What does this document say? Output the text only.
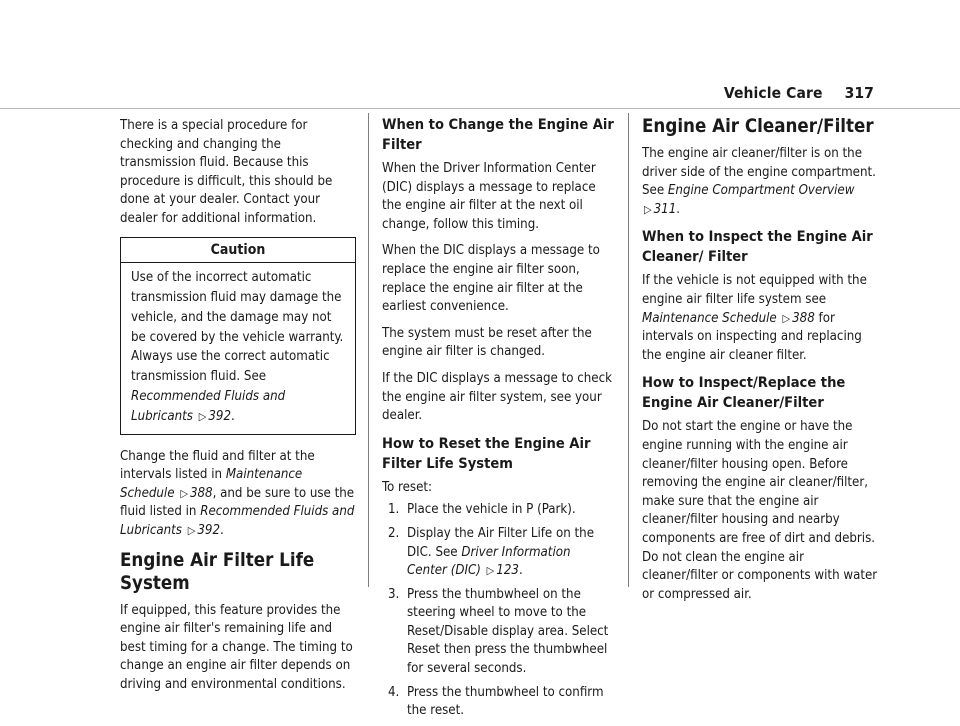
Vehicle Care 317

There is a special procedure for checking and changing the transmission fluid. Because this procedure is difficult, this should be done at your dealer. Contact your dealer for additional information.

Caution
Use of the incorrect automatic transmission fluid may damage the vehicle, and the damage may not be covered by the vehicle warranty. Always use the correct automatic transmission fluid. See Recommended Fluids and Lubricants ▷ 392.

Change the fluid and filter at the intervals listed in Maintenance Schedule ▷ 388, and be sure to use the fluid listed in Recommended Fluids and Lubricants ▷ 392.

Engine Air Filter Life System

If equipped, this feature provides the engine air filter's remaining life and best timing for a change. The timing to change an engine air filter depends on driving and environmental conditions.

When to Change the Engine Air Filter

When the Driver Information Center (DIC) displays a message to replace the engine air filter at the next oil change, follow this timing.

When the DIC displays a message to replace the engine air filter soon, replace the engine air filter at the earliest convenience.

The system must be reset after the engine air filter is changed.

If the DIC displays a message to check the engine air filter system, see your dealer.

How to Reset the Engine Air Filter Life System

To reset:

1. Place the vehicle in P (Park).
2. Display the Air Filter Life on the DIC. See Driver Information Center (DIC) ▷ 123.
3. Press the thumbwheel on the steering wheel to move to the Reset/Disable display area. Select Reset then press the thumbwheel for several seconds.
4. Press the thumbwheel to confirm the reset.
Engine Air Cleaner/Filter

The engine air cleaner/filter is on the driver side of the engine compartment. See Engine Compartment Overview ▷ 311.

When to Inspect the Engine Air Cleaner/ Filter

If the vehicle is not equipped with the engine air filter life system see Maintenance Schedule ▷ 388 for intervals on inspecting and replacing the engine air cleaner filter.

How to Inspect/Replace the Engine Air Cleaner/Filter

Do not start the engine or have the engine running with the engine air cleaner/filter housing open. Before removing the engine air cleaner/filter, make sure that the engine air cleaner/filter housing and nearby components are free of dirt and debris. Do not clean the engine air cleaner/filter or components with water or compressed air.
